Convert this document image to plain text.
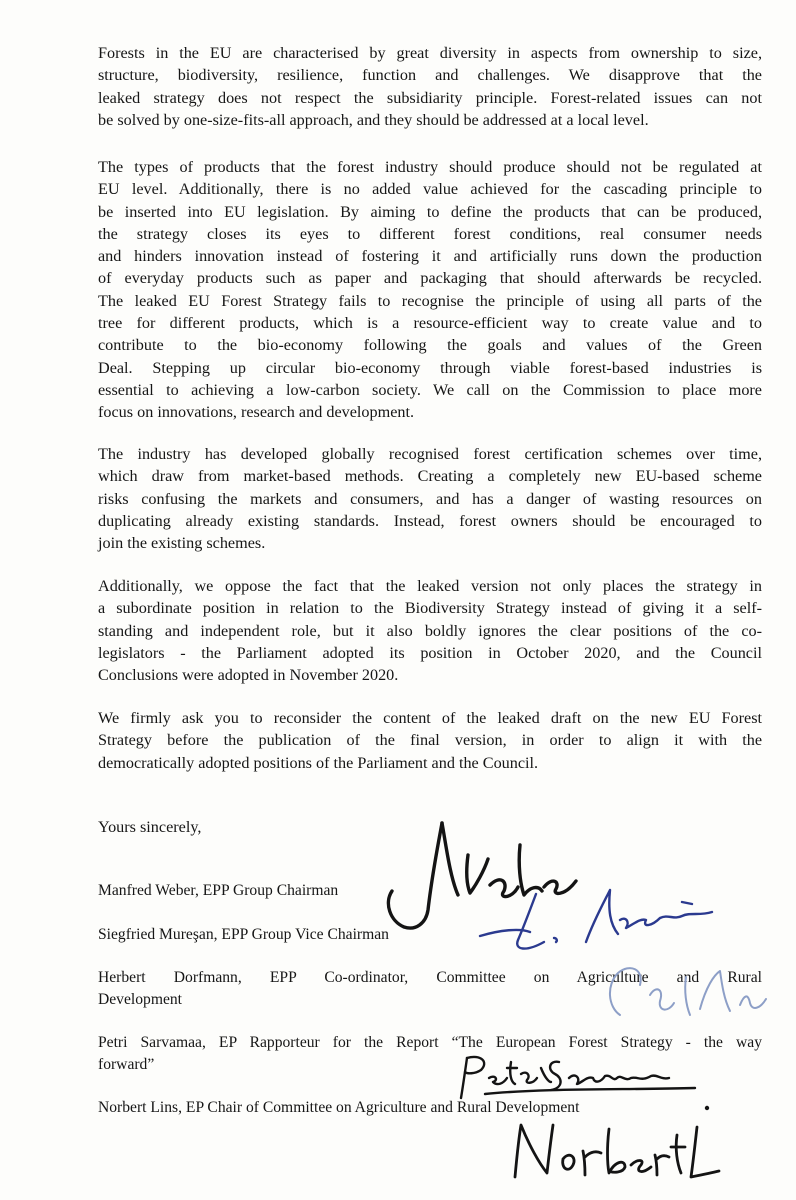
Forests in the EU are characterised by great diversity in aspects from ownership to size,
structure, biodiversity, resilience, function and challenges. We disapprove that the
leaked strategy does not respect the subsidiarity principle. Forest-related issues can not
be solved by one-size-fits-all approach, and they should be addressed at a local level.

The types of products that the forest industry should produce should not be regulated at
EU level. Additionally, there is no added value achieved for the cascading principle to
be inserted into EU legislation. By aiming to define the products that can be produced,
the strategy closes its eyes to different forest conditions, real consumer needs
and hinders innovation instead of fostering it and artificially runs down the production
of everyday products such as paper and packaging that should afterwards be recycled.
The leaked EU Forest Strategy fails to recognise the principle of using all parts of the
tree for different products, which is a resource-efficient way to create value and to
contribute to the bio-economy following the goals and values of the Green
Deal. Stepping up circular bio-economy through viable forest-based industries is
essential to achieving a low-carbon society. We call on the Commission to place more
focus on innovations, research and development.

The industry has developed globally recognised forest certification schemes over time,
which draw from market-based methods. Creating a completely new EU-based scheme
risks confusing the markets and consumers, and has a danger of wasting resources on
duplicating already existing standards. Instead, forest owners should be encouraged to
join the existing schemes.

Additionally, we oppose the fact that the leaked version not only places the strategy in
a subordinate position in relation to the Biodiversity Strategy instead of giving it a self-
standing and independent role, but it also boldly ignores the clear positions of the co-
legislators - the Parliament adopted its position in October 2020, and the Council
Conclusions were adopted in November 2020.

We firmly ask you to reconsider the content of the leaked draft on the new EU Forest
Strategy before the publication of the final version, in order to align it with the
democratically adopted positions of the Parliament and the Council.

Yours sincerely,

Manfred Weber, EPP Group Chairman

Siegfried Mureşan, EPP Group Vice Chairman

Herbert Dorfmann, EPP Co-ordinator, Committee on Agriculture and Rural
Development

Petri Sarvamaa, EP Rapporteur for the Report “The European Forest Strategy - the way
forward”

Norbert Lins, EP Chair of Committee on Agriculture and Rural Development
